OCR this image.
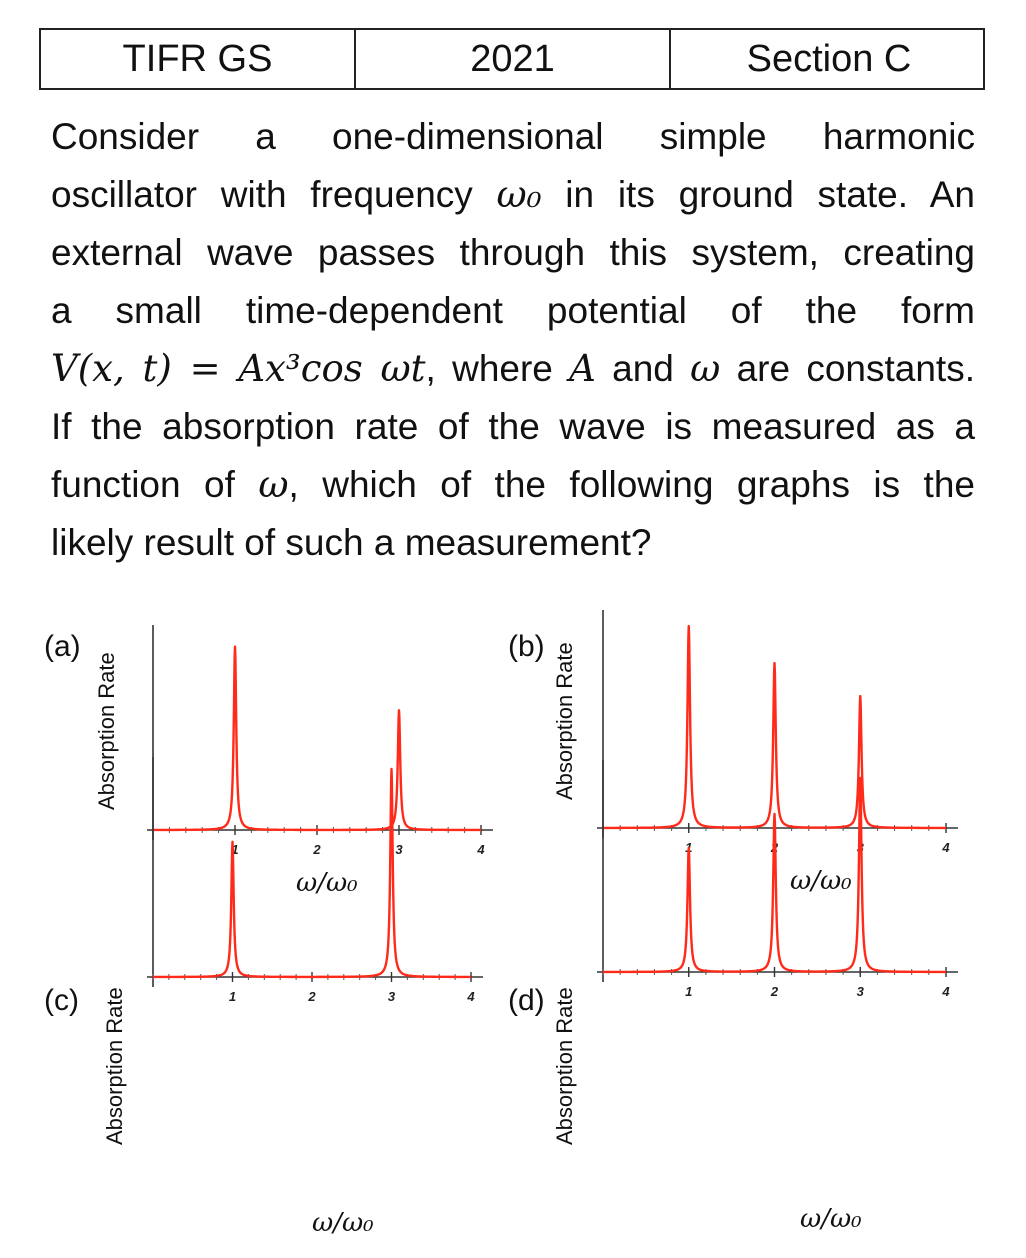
TIFR GS	2021	Section C
Consider a one-dimensional simple harmonic
oscillator with frequency ω₀ in its ground state. An
external wave passes through this system, creating
a small time-dependent potential of the form
V(x, t) = Ax³cos ωt, where A and ω are constants.
If the absorption rate of the wave is measured as a
function of ω, which of the following graphs is the
likely result of such a measurement?
(a)
Absorption Rate
1	2	3	4
ω/ω₀
(b) Absorption Rate
1	2	3	4
ω/ω₀
(c) Absorption Rate	1	2	3	4
ω/ω₀
(d) Absorption Rate	1	2	3	4
ω/ω₀
